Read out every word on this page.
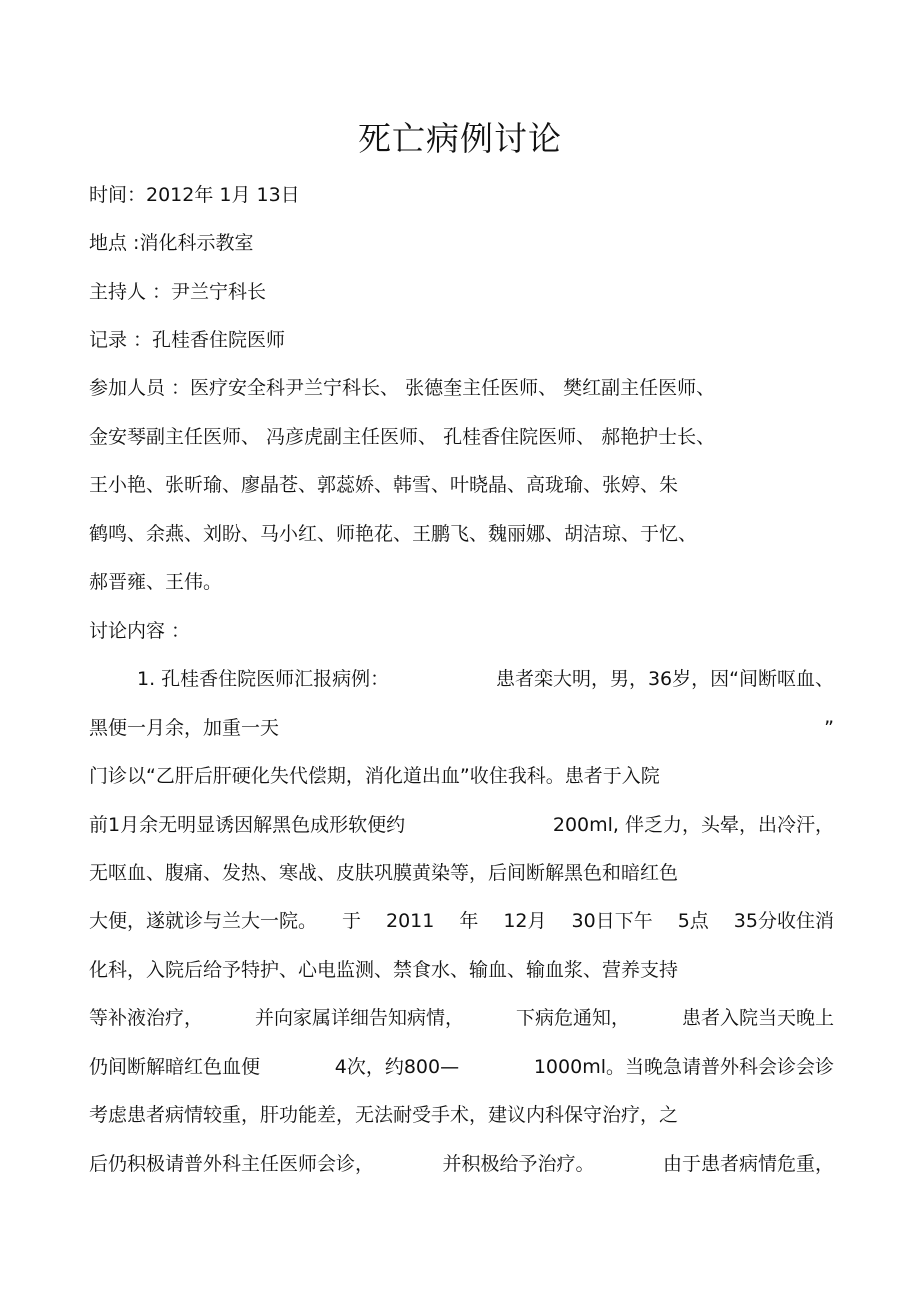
死亡病例讨论

时间：2012年 1月 13日

地点 :消化科示教室

主持人 ：尹兰宁科长

记录 ：孔桂香住院医师

参加人员 ：医疗安全科尹兰宁科长、 张德奎主任医师、 樊红副主任医师、

金安琴副主任医师、 冯彦虎副主任医师、 孔桂香住院医师、 郝艳护士长、

王小艳、张昕瑜、廖晶苍、郭蕊娇、韩雪、叶晓晶、高珑瑜、张婷、朱

鹤鸣、余燕、刘盼、马小红、师艳花、王鹏飞、魏丽娜、胡洁琼、于忆、

郝晋雍、王伟。

讨论内容 ：

1. 孔桂香住院医师汇报病例：	患者栾大明，男，36岁，因“间断呕血、
黑便一月余，加重一天	”

门诊以“乙肝后肝硬化失代偿期，消化道出血”收住我科。患者于入院

前1月余无明显诱因解黑色成形软便约	200ml, 伴乏力，头晕，出冷汗，

无呕血、腹痛、发热、寒战、皮肤巩膜黄染等，后间断解黑色和暗红色

大便，遂就诊与兰大一院。 于 2011 年 12月 30日下午 5点 35分收住消

化科，入院后给予特护、心电监测、禁食水、输血、输血浆、营养支持

等补液治疗，	并向家属详细告知病情，	下病危通知，	患者入院当天晚上
仍间断解暗红色血便	4次，约800—	1000ml。当晚急请普外科会诊会诊

考虑患者病情较重，肝功能差，无法耐受手术，建议内科保守治疗，之

后仍积极请普外科主任医师会诊，	并积极给予治疗。	由于患者病情危重，
